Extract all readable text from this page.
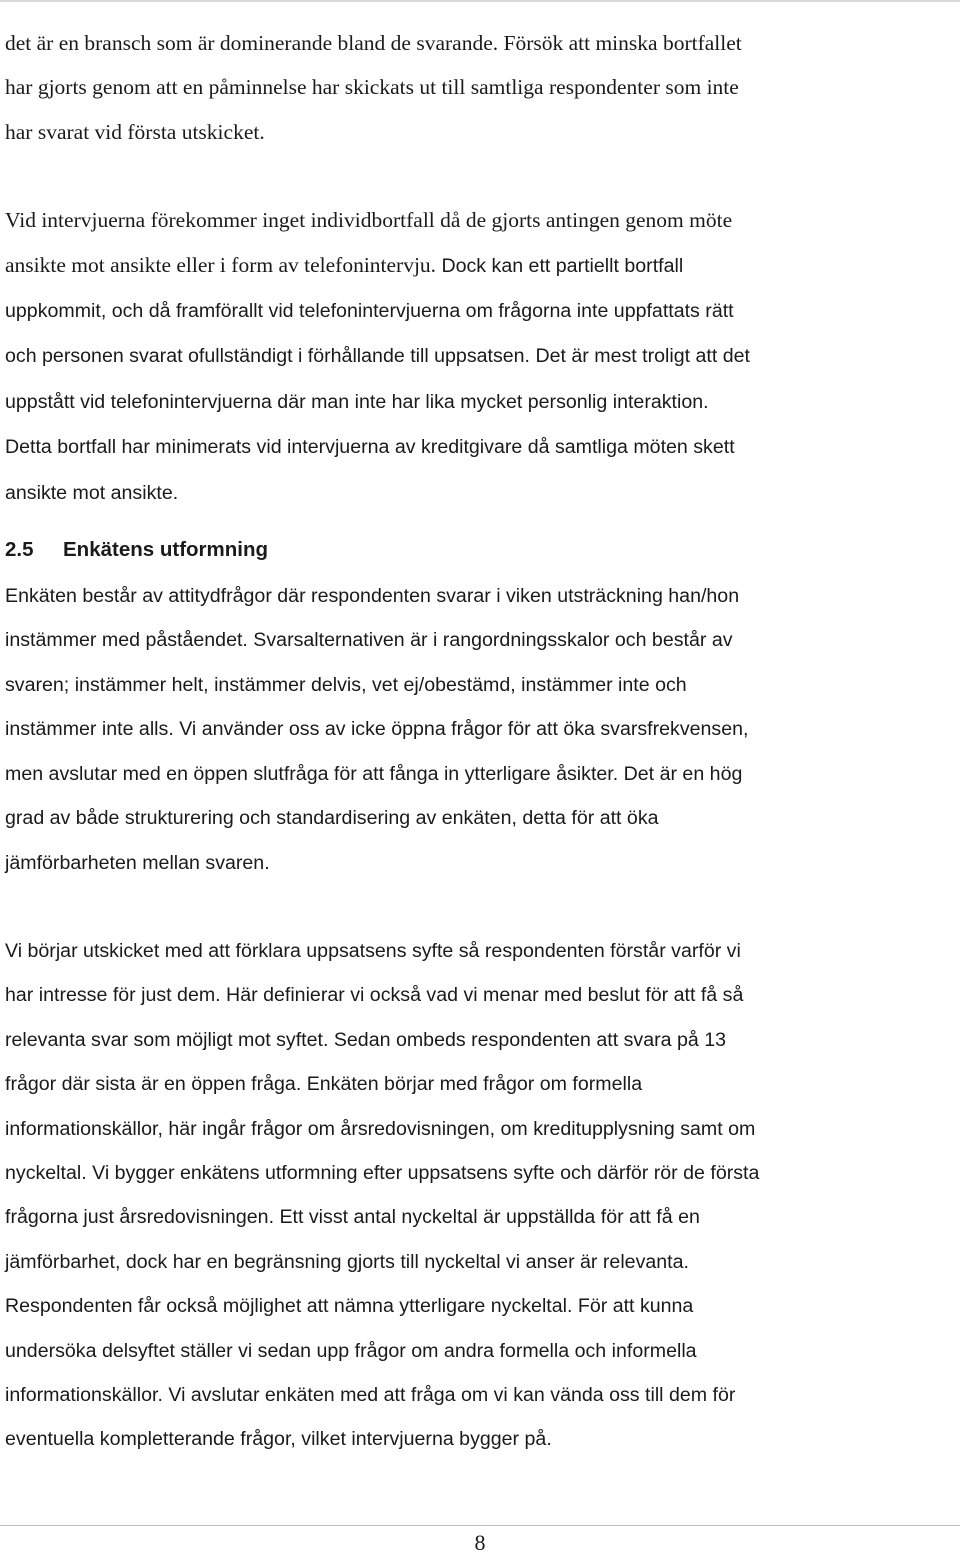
det är en bransch som är dominerande bland de svarande. Försök att minska bortfallet
har gjorts genom att en påminnelse har skickats ut till samtliga respondenter som inte
har svarat vid första utskicket.

Vid intervjuerna förekommer inget individbortfall då de gjorts antingen genom möte
ansikte mot ansikte eller i form av telefonintervju. Dock kan ett partiellt bortfall
uppkommit, och då framförallt vid telefonintervjuerna om frågorna inte uppfattats rätt
och personen svarat ofullständigt i förhållande till uppsatsen. Det är mest troligt att det
uppstått vid telefonintervjuerna där man inte har lika mycket personlig interaktion.
Detta bortfall har minimerats vid intervjuerna av kreditgivare då samtliga möten skett
ansikte mot ansikte.

2.5	Enkätens utformning

Enkäten består av attitydfrågor där respondenten svarar i viken utsträckning han/hon
instämmer med påståendet. Svarsalternativen är i rangordningsskalor och består av
svaren; instämmer helt, instämmer delvis, vet ej/obestämd, instämmer inte och
instämmer inte alls. Vi använder oss av icke öppna frågor för att öka svarsfrekvensen,
men avslutar med en öppen slutfråga för att fånga in ytterligare åsikter. Det är en hög
grad av både strukturering och standardisering av enkäten, detta för att öka
jämförbarheten mellan svaren.

Vi börjar utskicket med att förklara uppsatsens syfte så respondenten förstår varför vi
har intresse för just dem. Här definierar vi också vad vi menar med beslut för att få så
relevanta svar som möjligt mot syftet. Sedan ombeds respondenten att svara på 13
frågor där sista är en öppen fråga. Enkäten börjar med frågor om formella
informationskällor, här ingår frågor om årsredovisningen, om kreditupplysning samt om
nyckeltal. Vi bygger enkätens utformning efter uppsatsens syfte och därför rör de första
frågorna just årsredovisningen. Ett visst antal nyckeltal är uppställda för att få en
jämförbarhet, dock har en begränsning gjorts till nyckeltal vi anser är relevanta.
Respondenten får också möjlighet att nämna ytterligare nyckeltal. För att kunna
undersöka delsyftet ställer vi sedan upp frågor om andra formella och informella
informationskällor. Vi avslutar enkäten med att fråga om vi kan vända oss till dem för
eventuella kompletterande frågor, vilket intervjuerna bygger på.

8
